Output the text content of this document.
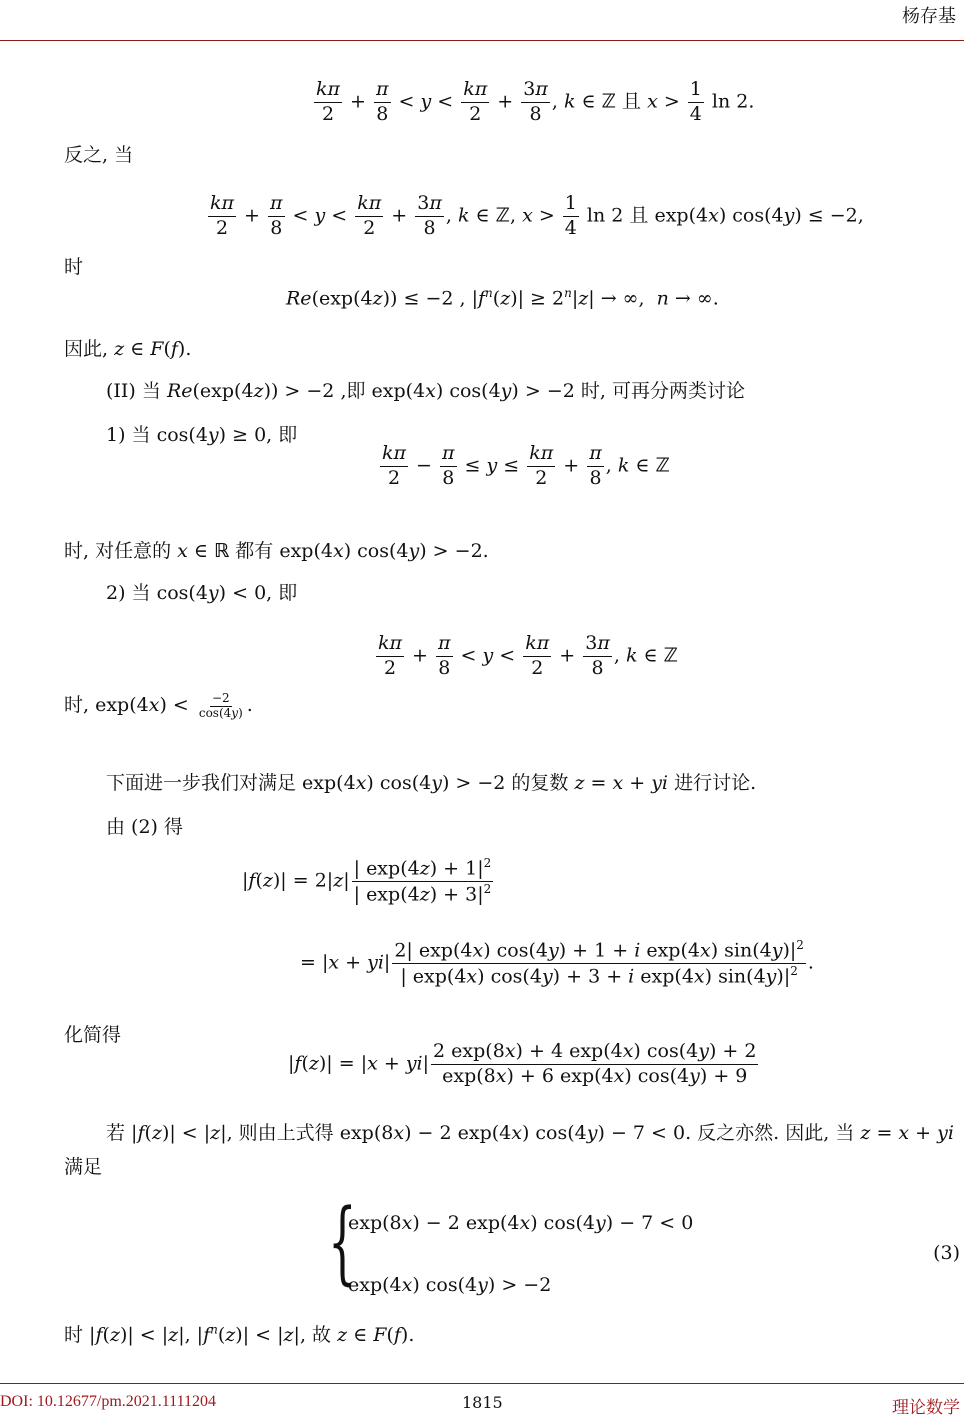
杨存基
$\frac{k\pi}{2} + \frac{\pi}{8} < y < \frac{k\pi}{2} + \frac{3\pi}{8}$ , k ∈ ℤ 且 $x > \frac{1}{4}$ ln 2.
反之, 当
$\frac{k\pi}{2} + \frac{\pi}{8} < y < \frac{k\pi}{2} + \frac{3\pi}{8}$ , k ∈ ℤ, $x > \frac{1}{4}$ ln 2 且 exp(4x) cos(4y) ≤ −2,
时
Re(exp(4z)) ≤ −2 , $|f^n(z)| \ge 2^n|z|$ → ∞,  n → ∞.
因此, z ∈ F(f).
(II) 当 Re(exp(4z)) > −2 ,即 exp(4x) cos(4y) > −2 时, 可再分两类讨论
1) 当 cos(4y) ≥ 0, 即
$\frac{k\pi}{2} - \frac{\pi}{8} \le y \le \frac{k\pi}{2} + \frac{\pi}{8}$ , k ∈ ℤ
时, 对任意的 x ∈ ℝ 都有 exp(4x) cos(4y) > −2.
2) 当 cos(4y) < 0, 即
$\frac{k\pi}{2} + \frac{\pi}{8} < y < \frac{k\pi}{2} + \frac{3\pi}{8}$ , k ∈ ℤ
时, $\exp(4x) < \frac{-2}{\cos(4y)}$ .
下面进一步我们对满足 exp(4x) cos(4y) > −2 的复数 z = x + yi 进行讨论.
由 (2) 得
$|f(z)| = 2|z| \frac{| \exp(4z) + 1|^2}{| \exp(4z) + 3|^2}$
= $|x + yi| \frac{2| \exp(4x) \cos(4y) + 1 + i \exp(4x) \sin(4y)|^2}{| \exp(4x) \cos(4y) + 3 + i \exp(4x) \sin(4y)|^2}$ .
化简得
$|f(z)| = |x + yi| \frac{2 \exp(8x) + 4 \exp(4x) \cos(4y) + 2}{\exp(8x) + 6 \exp(4x) \cos(4y) + 9}$
若 |f(z)| < |z|, 则由上式得 exp(8x) − 2 exp(4x) cos(4y) − 7 < 0. 反之亦然. 因此, 当 z = x + yi
满足
{
exp(8x) − 2 exp(4x) cos(4y) − 7 < 0
exp(4x) cos(4y) > −2
(3)
时 |f(z)| < |z|, $|f^n(z)| < |z|$, 故 z ∈ F(f).
DOI: 10.12677/pm.2021.1111204	1815	理论数学
